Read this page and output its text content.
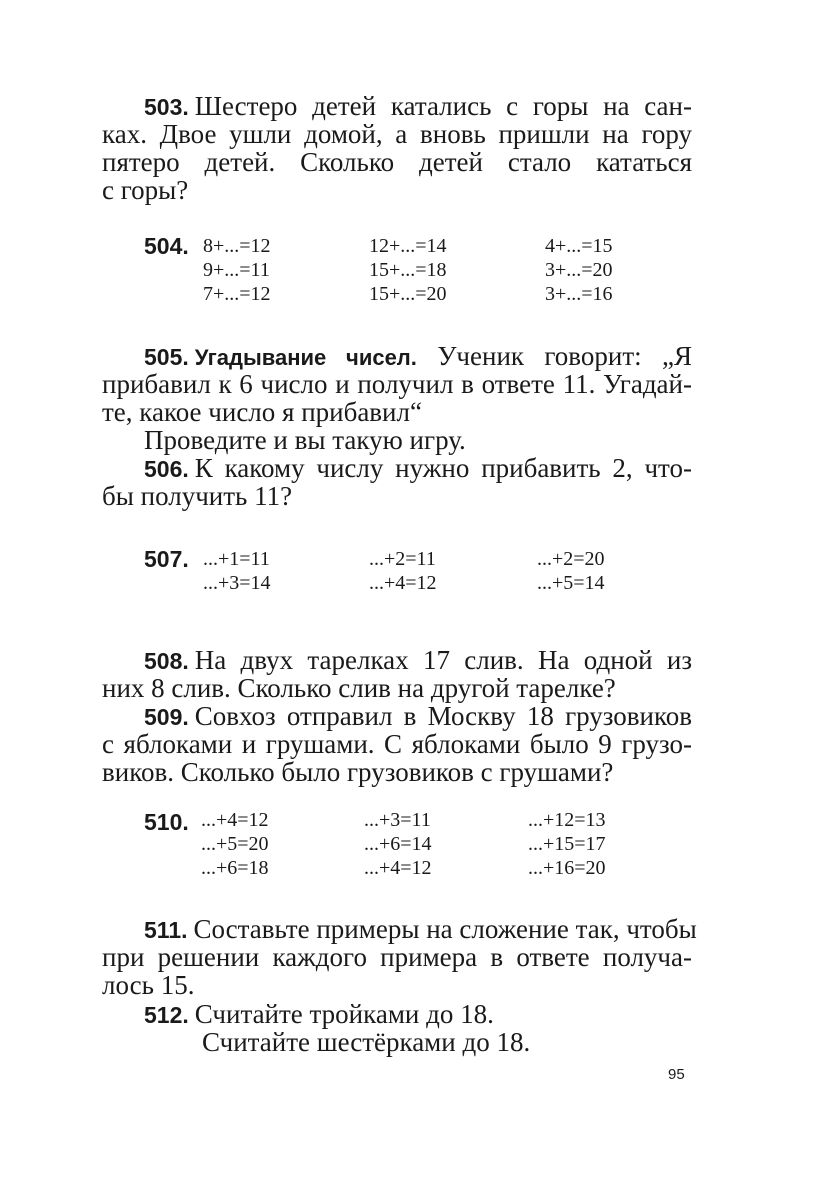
503. Шестеро детей катались с горы на сан-
ках. Двое ушли домой, а вновь пришли на гору
пятеро детей. Сколько детей стало кататься
с горы?
504. 8+...=12
9+...=11
7+...=12
12+...=14
15+...=18
15+...=20
4+...=15
3+...=20
3+...=16
505. Угадывание чисел. Ученик говорит: „Я
прибавил к 6 число и получил в ответе 11. Угадай-
те, какое число я прибавил“
Проведите и вы такую игру.
506. К какому числу нужно прибавить 2, что-
бы получить 11?
507. ...+1=11
...+3=14
...+2=11
...+4=12
...+2=20
...+5=14
508. На двух тарелках 17 слив. На одной из
них 8 слив. Сколько слив на другой тарелке?
509. Совхоз отправил в Москву 18 грузовиков
с яблоками и грушами. С яблоками было 9 грузо-
виков. Сколько было грузовиков с грушами?
510. ...+4=12
...+5=20
...+6=18
...+3=11
...+6=14
...+4=12
...+12=13
...+15=17
...+16=20
511. Составьте примеры на сложение так, чтобы
при решении каждого примера в ответе получа-
лось 15.
512. Считайте тройками до 18.
Считайте шестёрками до 18.
95
